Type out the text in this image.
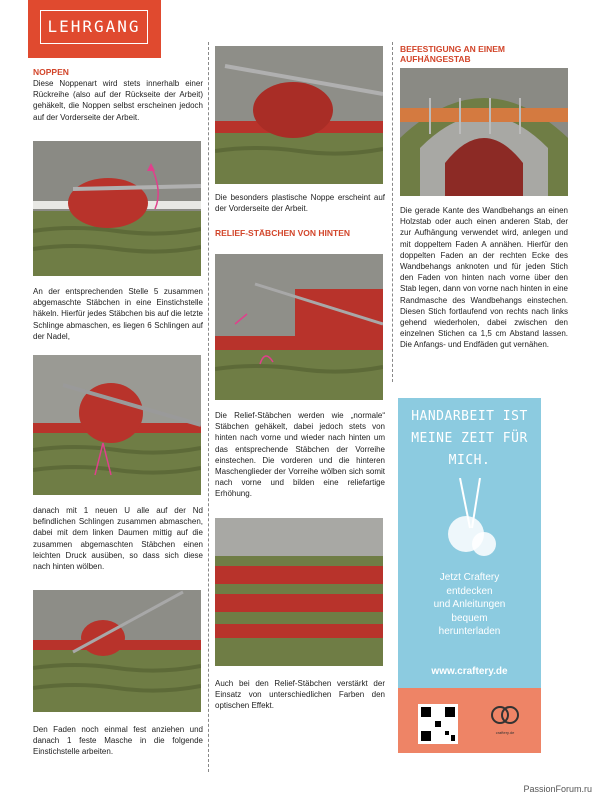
LEHRGANG
NOPPEN
Diese Noppenart wird stets innerhalb einer Rückreihe (also auf der Rückseite der Arbeit) gehäkelt, die Noppen selbst erscheinen jedoch auf der Vorderseite der Arbeit.
An der entsprechenden Stelle 5 zusammen abgemaschte Stäbchen in eine Einstichstelle häkeln. Hierfür jedes Stäbchen bis auf die letzte Schlinge abmaschen, es liegen 6 Schlingen auf der Nadel,
danach mit 1 neuen U alle auf der Nd befindlichen Schlingen zusammen abmaschen, dabei mit dem linken Daumen mittig auf die zusammen abgemaschten Stäbchen einen leichten Druck ausüben, so dass sich diese nach hinten wölben.
Den Faden noch einmal fest anziehen und danach 1 feste Masche in die folgende Einstichstelle arbeiten.
Die besonders plastische Noppe erscheint auf der Vorderseite der Arbeit.
RELIEF-STÄBCHEN VON HINTEN
Die Relief-Stäbchen werden wie „normale“ Stäbchen gehäkelt, dabei jedoch stets von hinten nach vorne und wieder nach hinten um das entsprechende Stäbchen der Vorreihe einstechen. Die vorderen und die hinteren Maschenglieder der Vorreihe wölben sich somit nach vorne und bilden eine reliefartige Erhöhung.
Auch bei den Relief-Stäbchen verstärkt der Einsatz von unterschiedlichen Farben den optischen Effekt.
BEFESTIGUNG AN EINEM AUFHÄNGESTAB
Die gerade Kante des Wandbehangs an einen Holzstab oder auch einen anderen Stab, der zur Aufhängung verwendet wird, anlegen und mit doppeltem Faden A annähen. Hierfür den doppelten Faden an der rechten Ecke des Wandbehangs anknoten und für jeden Stich den Faden von hinten nach vorne über den Stab legen, dann von vorne nach hinten in eine Randmasche des Wandbehangs einstechen. Diesen Stich fortlaufend von rechts nach links gehend wiederholen, dabei zwischen den einzelnen Stichen ca 1,5 cm Abstand lassen. Die Anfangs- und Endfäden gut vernähen.
HANDARBEIT IST
MEINE ZEIT FÜR MICH.
Jetzt Craftery
entdecken
und Anleitungen
bequem
herunterladen
www.craftery.de
craftery.de
PassionForum.ru
